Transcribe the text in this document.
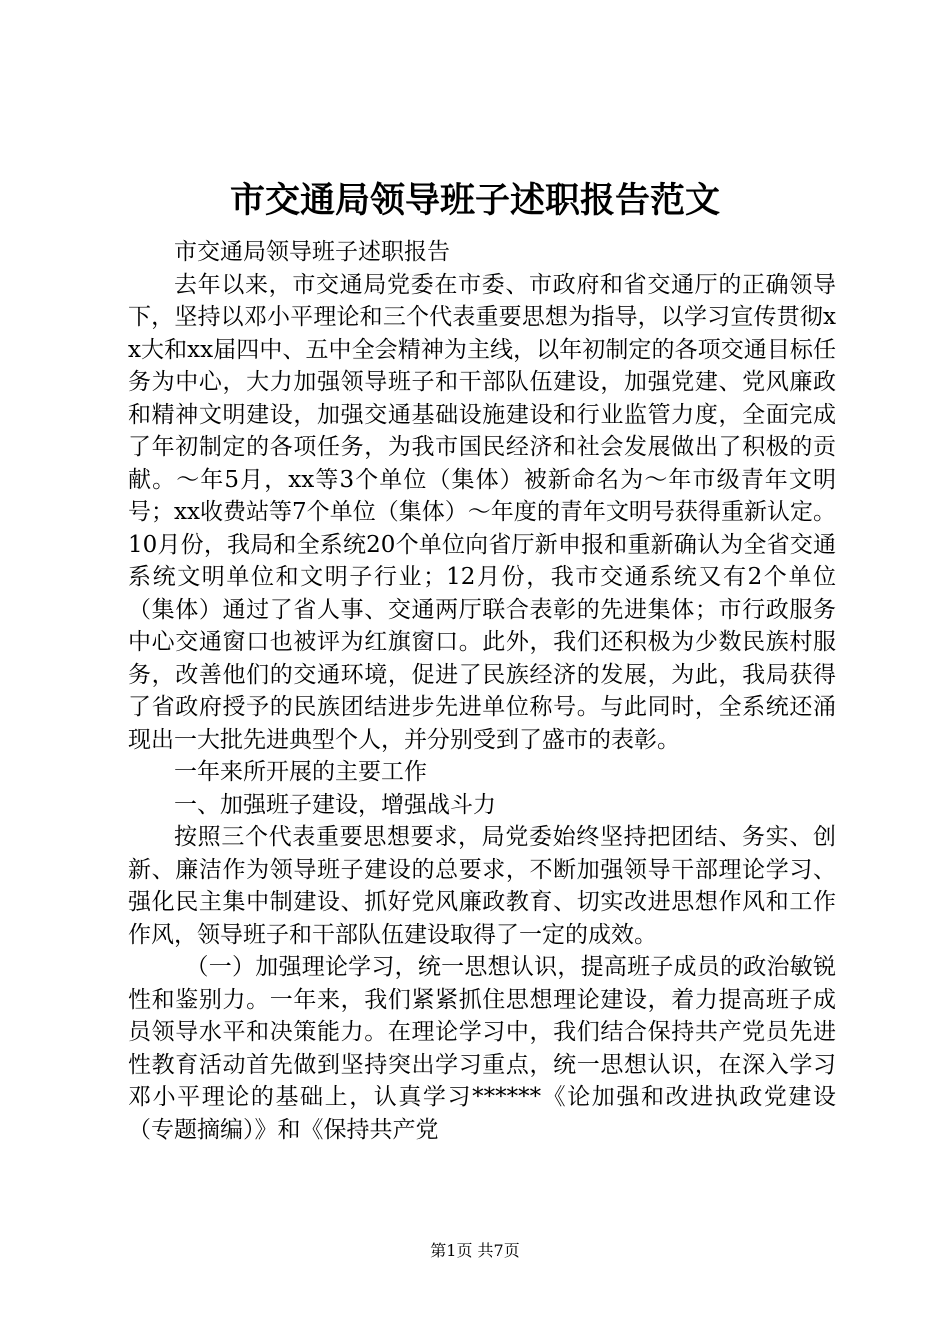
市交通局领导班子述职报告范文

市交通局领导班子述职报告

去年以来，市交通局党委在市委、市政府和省交通厅的正确领导下，坚持以邓小平理论和三个代表重要思想为指导，以学习宣传贯彻xx大和xx届四中、五中全会精神为主线，以年初制定的各项交通目标任务为中心，大力加强领导班子和干部队伍建设，加强党建、党风廉政和精神文明建设，加强交通基础设施建设和行业监管力度，全面完成了年初制定的各项任务，为我市国民经济和社会发展做出了积极的贡献。～年5月，xx等3个单位（集体）被新命名为～年市级青年文明号；xx收费站等7个单位（集体）～年度的青年文明号获得重新认定。10月份，我局和全系统20个单位向省厅新申报和重新确认为全省交通系统文明单位和文明子行业；12月份，我市交通系统又有2个单位（集体）通过了省人事、交通两厅联合表彰的先进集体；市行政服务中心交通窗口也被评为红旗窗口。此外，我们还积极为少数民族村服务，改善他们的交通环境，促进了民族经济的发展，为此，我局获得了省政府授予的民族团结进步先进单位称号。与此同时，全系统还涌现出一大批先进典型个人，并分别受到了盛市的表彰。

一年来所开展的主要工作

一、加强班子建设，增强战斗力

按照三个代表重要思想要求，局党委始终坚持把团结、务实、创新、廉洁作为领导班子建设的总要求，不断加强领导干部理论学习、强化民主集中制建设、抓好党风廉政教育、切实改进思想作风和工作作风，领导班子和干部队伍建设取得了一定的成效。

（一）加强理论学习，统一思想认识，提高班子成员的政治敏锐性和鉴别力。一年来，我们紧紧抓住思想理论建设，着力提高班子成员领导水平和决策能力。在理论学习中，我们结合保持共产党员先进性教育活动首先做到坚持突出学习重点，统一思想认识，在深入学习邓小平理论的基础上，认真学习******《论加强和改进执政党建设（专题摘编）》和《保持共产党

第1页 共7页
